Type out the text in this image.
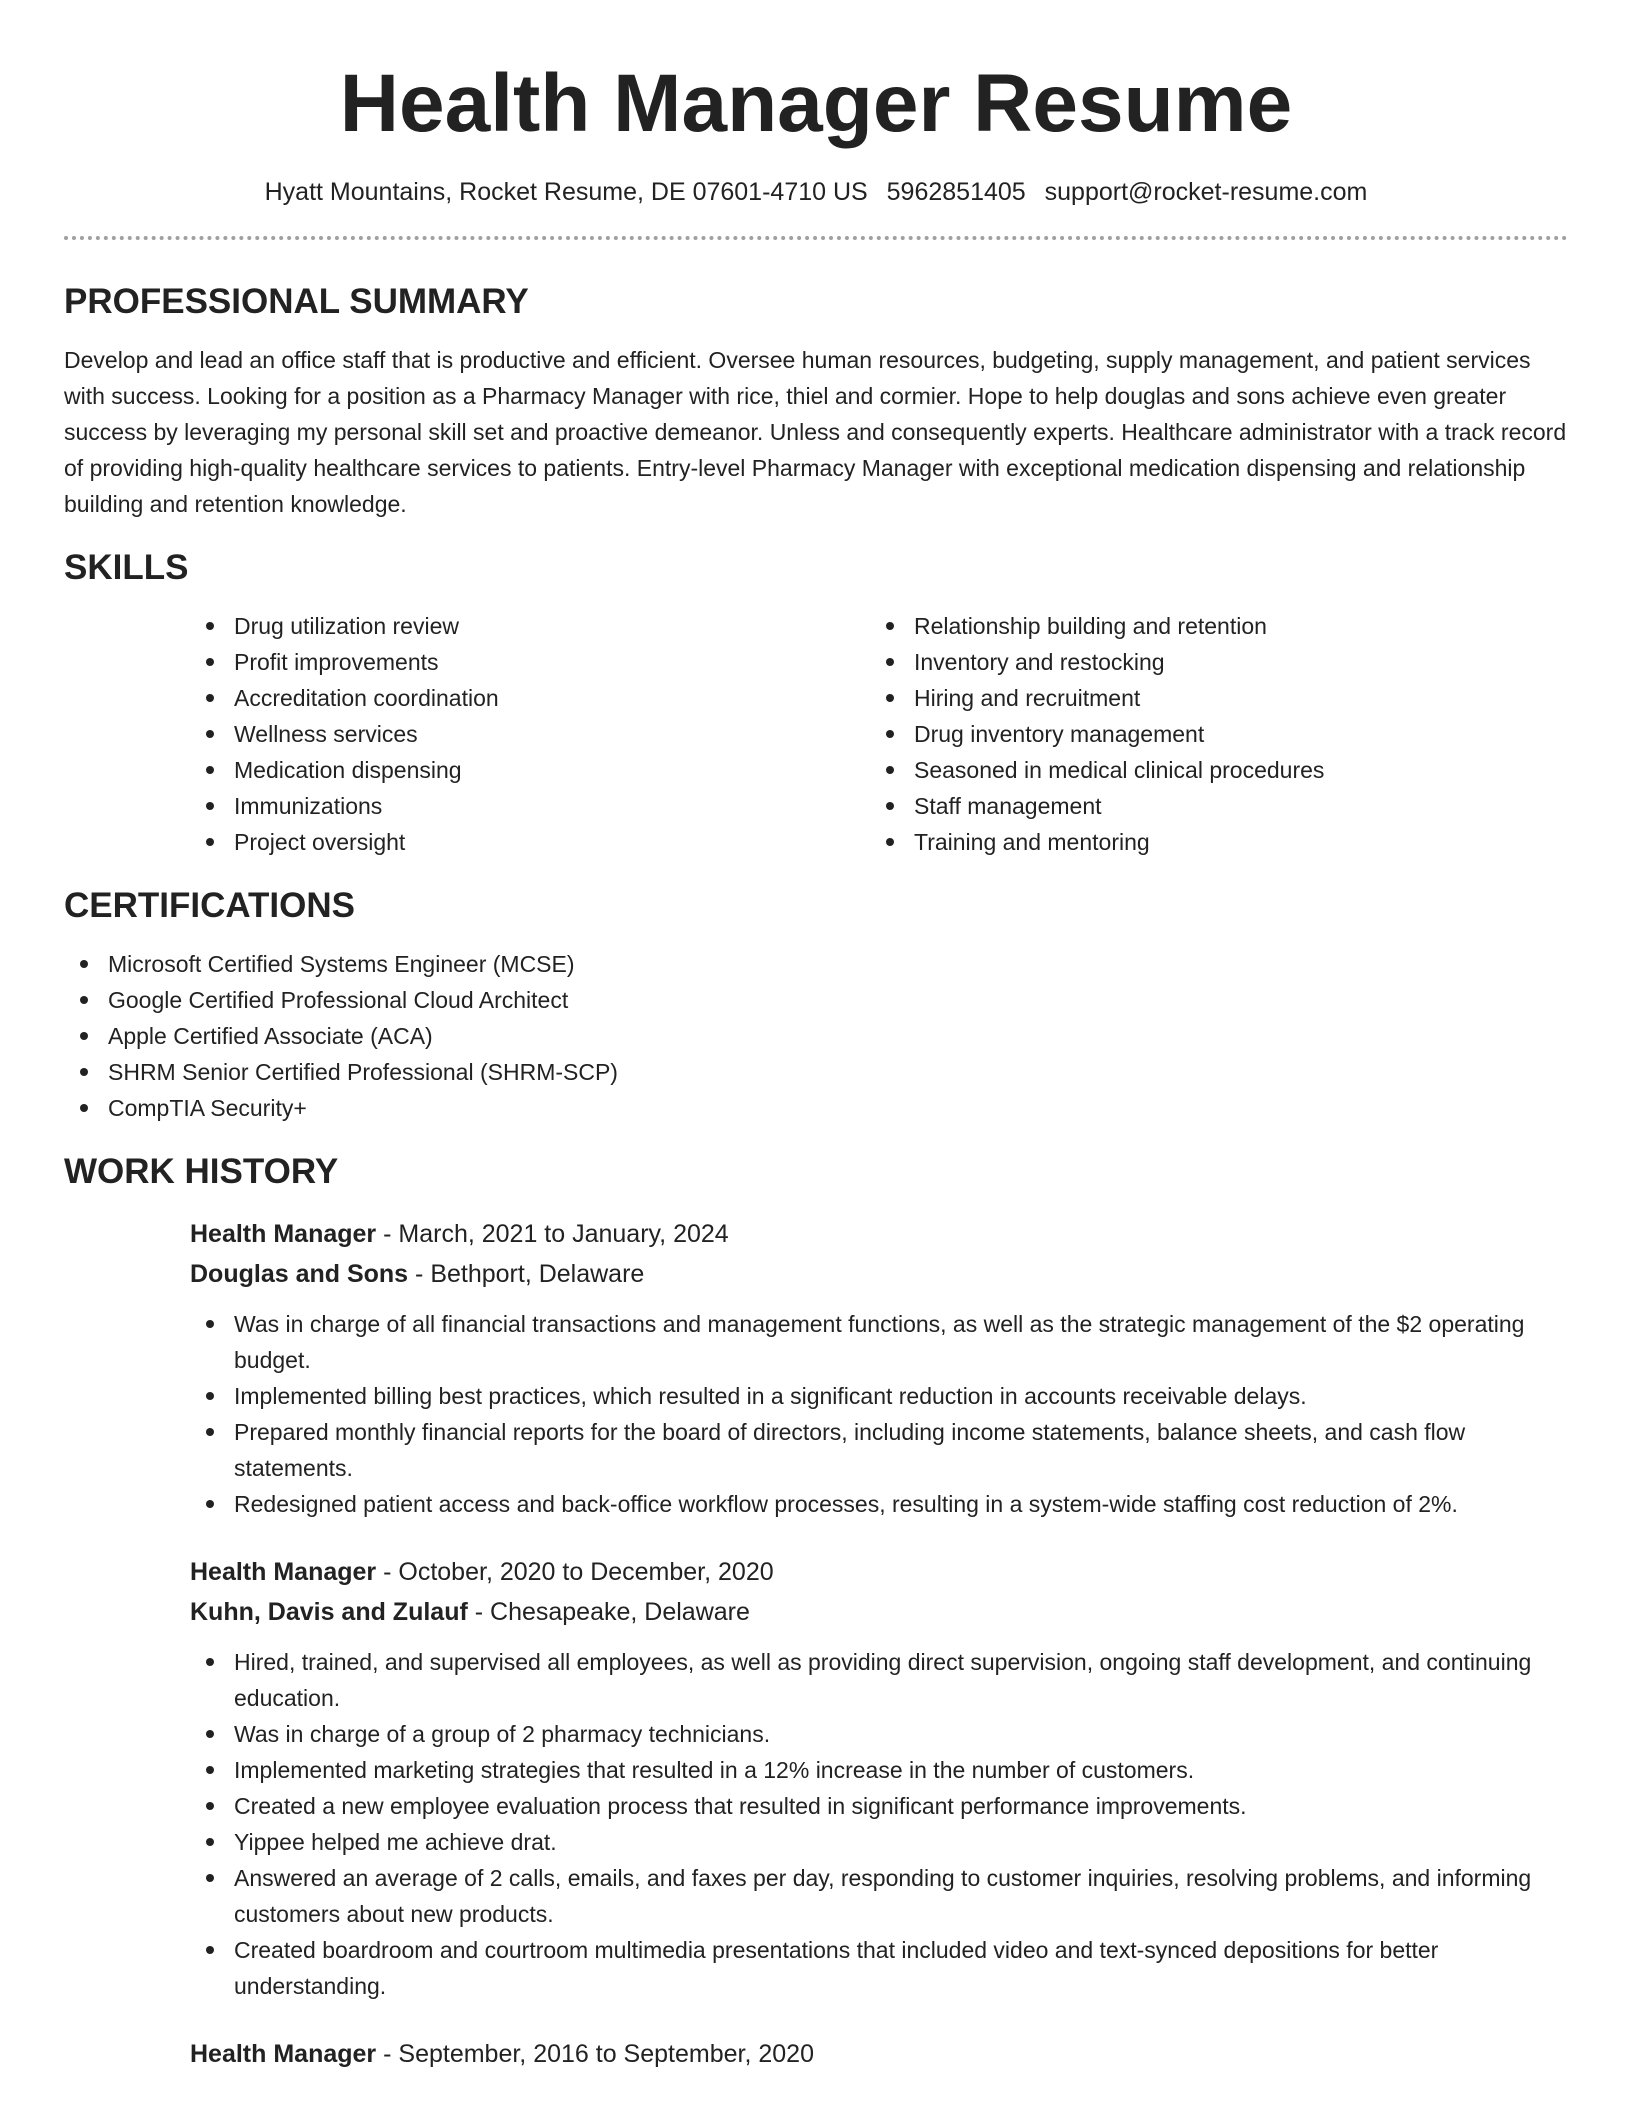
Health Manager Resume
Hyatt Mountains, Rocket Resume, DE 07601-4710 US 5962851405 support@rocket-resume.com
PROFESSIONAL SUMMARY

Develop and lead an office staff that is productive and efficient. Oversee human resources, budgeting, supply management, and patient services with success. Looking for a position as a Pharmacy Manager with rice, thiel and cormier. Hope to help douglas and sons achieve even greater success by leveraging my personal skill set and proactive demeanor. Unless and consequently experts. Healthcare administrator with a track record of providing high-quality healthcare services to patients. Entry-level Pharmacy Manager with exceptional medication dispensing and relationship building and retention knowledge.

SKILLS
Drug utilization review
Profit improvements
Accreditation coordination
Wellness services
Medication dispensing
Immunizations
Project oversight
Relationship building and retention
Inventory and restocking
Hiring and recruitment
Drug inventory management
Seasoned in medical clinical procedures
Staff management
Training and mentoring
CERTIFICATIONS
Microsoft Certified Systems Engineer (MCSE)
Google Certified Professional Cloud Architect
Apple Certified Associate (ACA)
SHRM Senior Certified Professional (SHRM-SCP)
CompTIA Security+
WORK HISTORY
Health Manager - March, 2021 to January, 2024
Douglas and Sons - Bethport, Delaware
Was in charge of all financial transactions and management functions, as well as the strategic management of the $2 operating budget.
Implemented billing best practices, which resulted in a significant reduction in accounts receivable delays.
Prepared monthly financial reports for the board of directors, including income statements, balance sheets, and cash flow statements.
Redesigned patient access and back-office workflow processes, resulting in a system-wide staffing cost reduction of 2%.
Health Manager - October, 2020 to December, 2020
Kuhn, Davis and Zulauf - Chesapeake, Delaware
Hired, trained, and supervised all employees, as well as providing direct supervision, ongoing staff development, and continuing education.
Was in charge of a group of 2 pharmacy technicians.
Implemented marketing strategies that resulted in a 12% increase in the number of customers.
Created a new employee evaluation process that resulted in significant performance improvements.
Yippee helped me achieve drat.
Answered an average of 2 calls, emails, and faxes per day, responding to customer inquiries, resolving problems, and informing customers about new products.
Created boardroom and courtroom multimedia presentations that included video and text-synced depositions for better understanding.
Health Manager - September, 2016 to September, 2020
